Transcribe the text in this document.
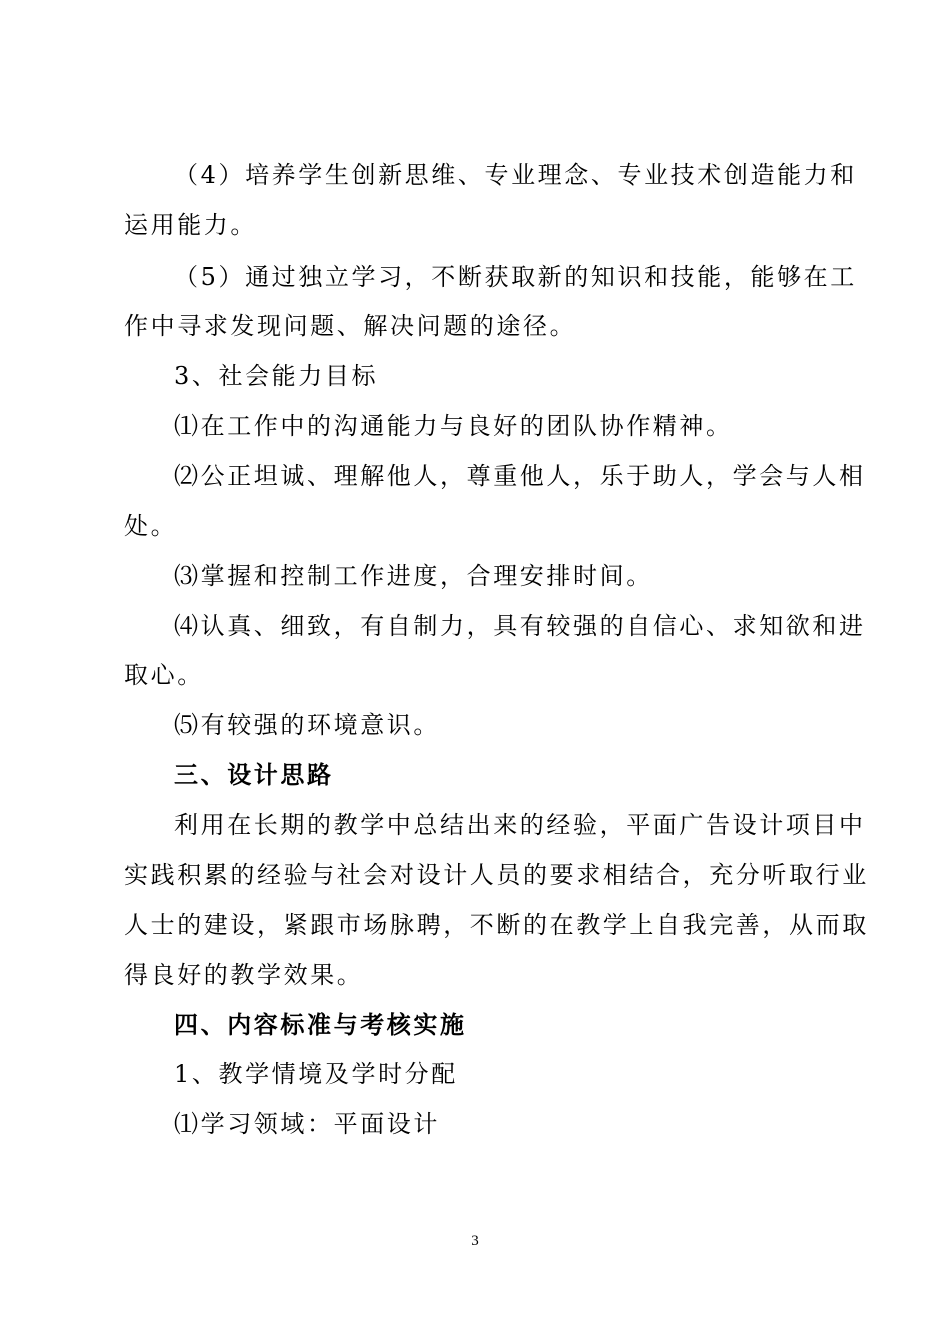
（4）培养学生创新思维、专业理念、专业技术创造能力和
运用能力。
（5）通过独立学习，不断获取新的知识和技能，能够在工
作中寻求发现问题、解决问题的途径。
3、社会能力目标
⑴在工作中的沟通能力与良好的团队协作精神。
⑵公正坦诚、理解他人，尊重他人，乐于助人，学会与人相
处。
⑶掌握和控制工作进度，合理安排时间。
⑷认真、细致，有自制力，具有较强的自信心、求知欲和进
取心。
⑸有较强的环境意识。
三、设计思路
利用在长期的教学中总结出来的经验，平面广告设计项目中
实践积累的经验与社会对设计人员的要求相结合，充分听取行业
人士的建设，紧跟市场脉聘，不断的在教学上自我完善，从而取
得良好的教学效果。
四、内容标准与考核实施
1、教学情境及学时分配
⑴学习领域：平面设计
3
